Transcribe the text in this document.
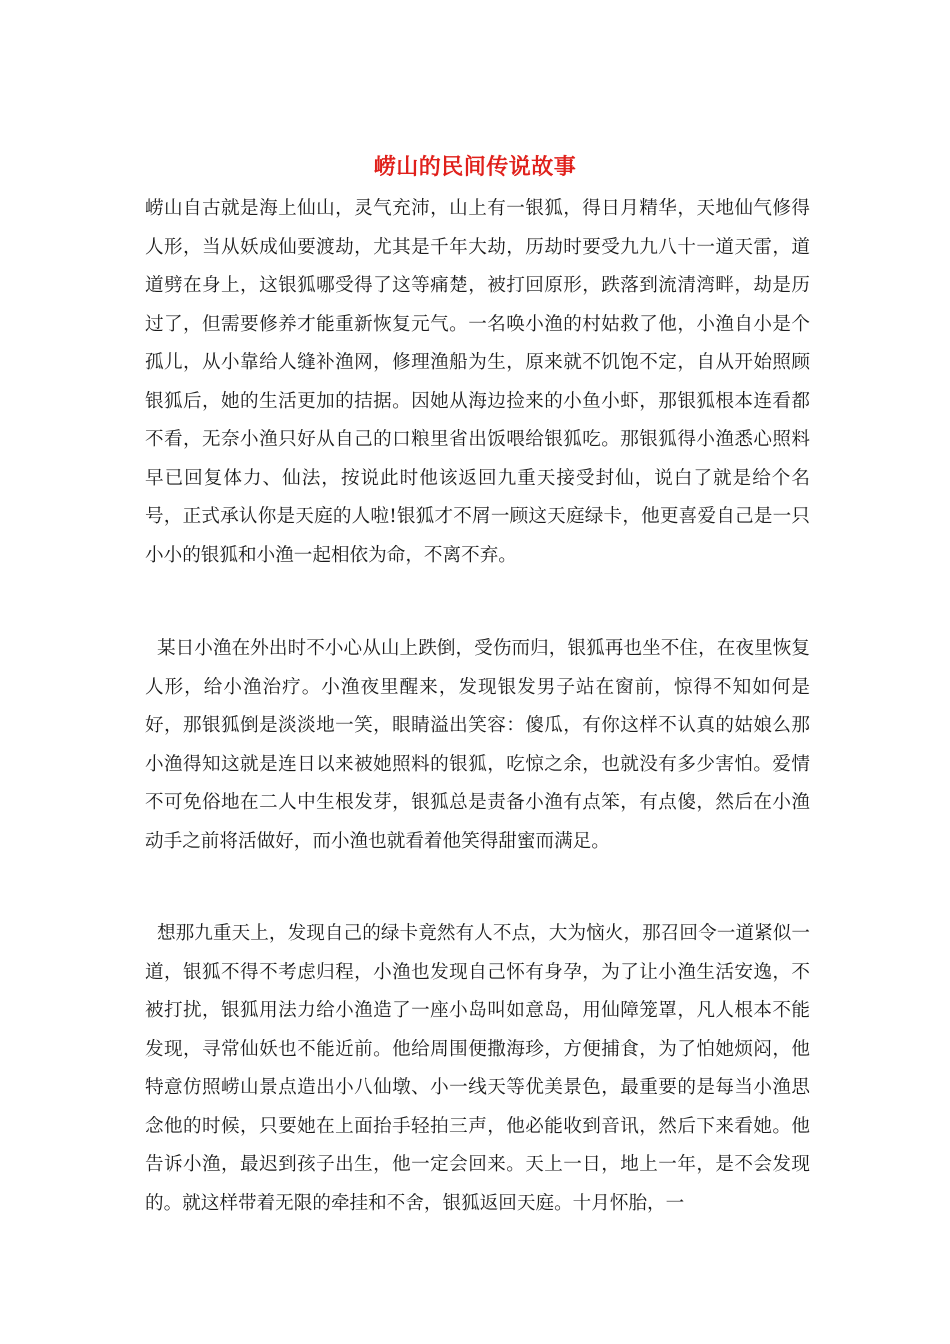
崂山的民间传说故事

崂山自古就是海上仙山，灵气充沛，山上有一银狐，得日月精华，天地仙气修得人形，当从妖成仙要渡劫，尤其是千年大劫，历劫时要受九九八十一道天雷，道道劈在身上，这银狐哪受得了这等痛楚，被打回原形，跌落到流清湾畔，劫是历过了，但需要修养才能重新恢复元气。一名唤小渔的村姑救了他，小渔自小是个孤儿，从小靠给人缝补渔网，修理渔船为生，原来就不饥饱不定，自从开始照顾银狐后，她的生活更加的拮据。因她从海边捡来的小鱼小虾，那银狐根本连看都不看，无奈小渔只好从自己的口粮里省出饭喂给银狐吃。那银狐得小渔悉心照料早已回复体力、仙法，按说此时他该返回九重天接受封仙，说白了就是给个名号，正式承认你是天庭的人啦!银狐才不屑一顾这天庭绿卡，他更喜爱自己是一只小小的银狐和小渔一起相依为命，不离不弃。

某日小渔在外出时不小心从山上跌倒，受伤而归，银狐再也坐不住，在夜里恢复人形，给小渔治疗。小渔夜里醒来，发现银发男子站在窗前，惊得不知如何是好，那银狐倒是淡淡地一笑，眼睛溢出笑容：傻瓜，有你这样不认真的姑娘么那小渔得知这就是连日以来被她照料的银狐，吃惊之余，也就没有多少害怕。爱情不可免俗地在二人中生根发芽，银狐总是责备小渔有点笨，有点傻，然后在小渔动手之前将活做好，而小渔也就看着他笑得甜蜜而满足。

想那九重天上，发现自己的绿卡竟然有人不点，大为恼火，那召回令一道紧似一道，银狐不得不考虑归程，小渔也发现自己怀有身孕，为了让小渔生活安逸，不被打扰，银狐用法力给小渔造了一座小岛叫如意岛，用仙障笼罩，凡人根本不能发现，寻常仙妖也不能近前。他给周围便撒海珍，方便捕食，为了怕她烦闷，他特意仿照崂山景点造出小八仙墩、小一线天等优美景色，最重要的是每当小渔思念他的时候，只要她在上面抬手轻拍三声，他必能收到音讯，然后下来看她。他告诉小渔，最迟到孩子出生，他一定会回来。天上一日，地上一年，是不会发现的。就这样带着无限的牵挂和不舍，银狐返回天庭。十月怀胎，一
